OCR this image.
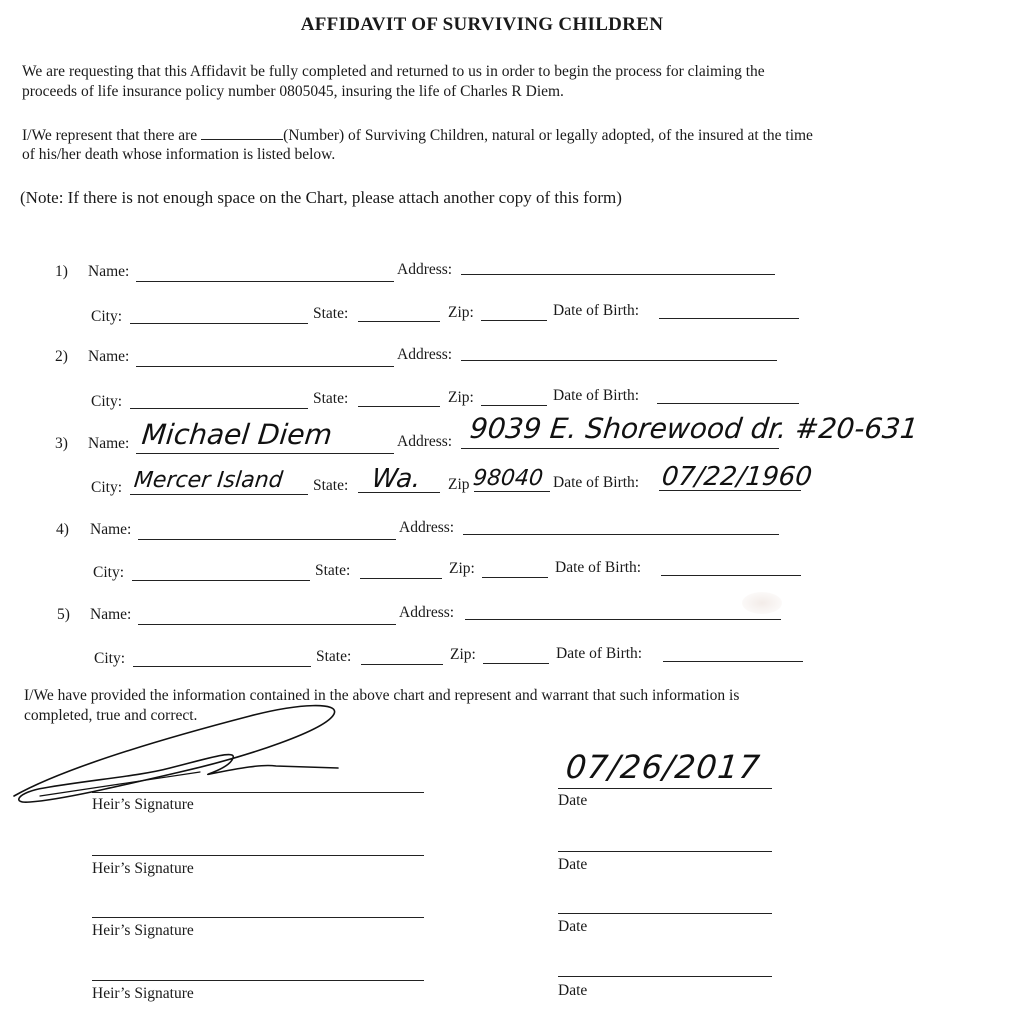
AFFIDAVIT OF SURVIVING CHILDREN
We are requesting that this Affidavit be fully completed and returned to us in order to begin the process for claiming the
proceeds of life insurance policy number 0805045, insuring the life of Charles R Diem.
I/We represent that there are	(Number) of Surviving Children, natural or legally adopted, of the insured at the time
of his/her death whose information is listed below.
(Note: If there is not enough space on the Chart, please attach another copy of this form)
1) Name:	Address:
City:	State:	Zip:	Date of Birth:
2) Name:	Address:
City:	State:	Zip:	Date of Birth:
3) Name: Michael Diem	Address: 9039 E. Shorewood dr. #20-631
City: Mercer Island State: Wa. Zip 98040 Date of Birth: 07/22/1960
4) Name:	Address:
City:	State:	Zip:	Date of Birth:
5) Name:	Address:
City:	State:	Zip:	Date of Birth:
I/We have provided the information contained in the above chart and represent and warrant that such information is
completed, true and correct.
Heir’s Signature	Date
07/26/2017
Heir’s Signature	Date
Heir’s Signature	Date
Heir’s Signature	Date
